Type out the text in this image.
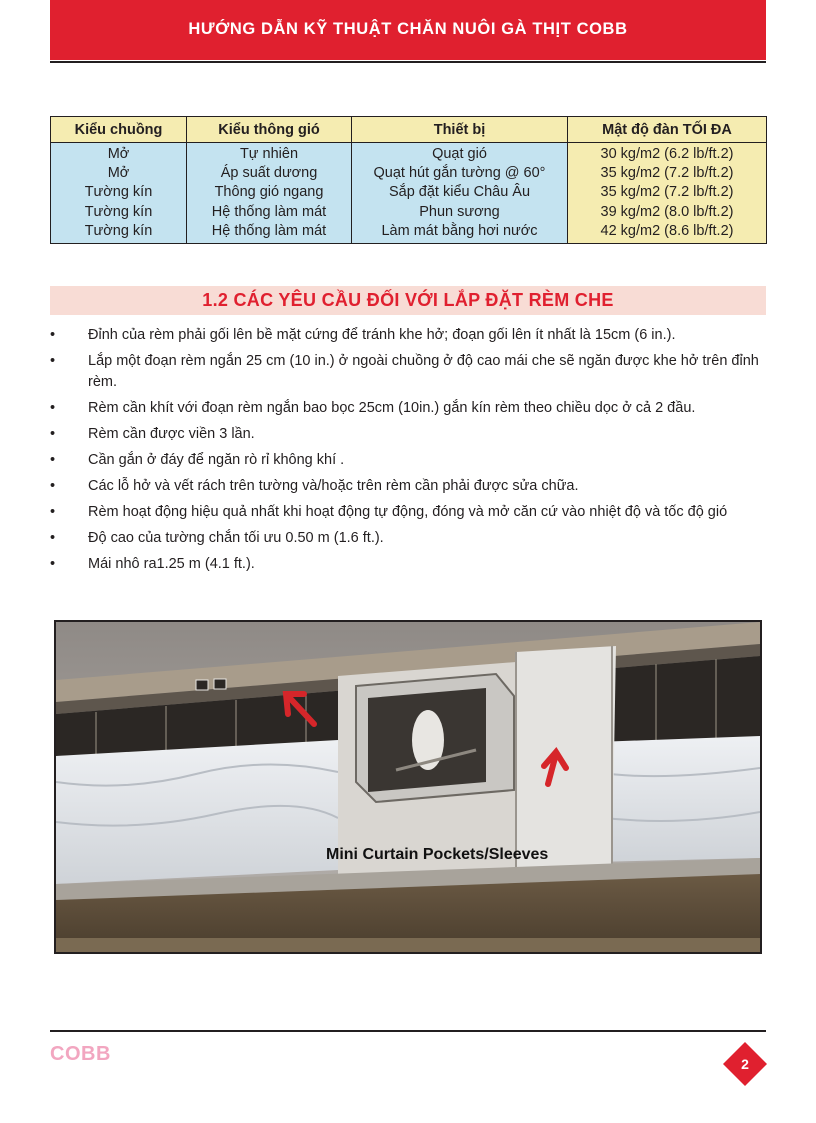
HƯỚNG DẪN KỸ THUẬT CHĂN NUÔI GÀ THỊT COBB
Kiểu chuồng	Kiểu thông gió	Thiết bị	Mật độ đàn TỐI ĐA
Mở	Tự nhiên	Quạt gió	30 kg/m2 (6.2 lb/ft.2)
Mở	Áp suất dương	Quạt hút gắn tường @ 60°	35 kg/m2 (7.2 lb/ft.2)
Tường kín	Thông gió ngang	Sắp đặt kiểu Châu Âu	35 kg/m2 (7.2 lb/ft.2)
Tường kín	Hệ thống làm mát	Phun sương	39 kg/m2 (8.0 lb/ft.2)
Tường kín	Hệ thống làm mát	Làm mát bằng hơi nước	42 kg/m2 (8.6 lb/ft.2)
1.2 CÁC YÊU CẦU ĐỐI VỚI LẮP ĐẶT RÈM CHE
• Đỉnh của rèm phải gối lên bề mặt cứng để tránh khe hở; đoạn gối lên ít nhất là 15cm (6 in.).
• Lắp một đoạn rèm ngắn 25 cm (10 in.) ở ngoài chuồng ở độ cao mái che sẽ ngăn được khe hở trên đỉnh rèm.
• Rèm cần khít với đoạn rèm ngắn bao bọc 25cm (10in.) gắn kín rèm theo chiều dọc ở cả 2 đầu.
• Rèm cần được viền 3 lần.
• Cần gắn ở đáy để ngăn rò rỉ không khí .
• Các lỗ hở và vết rách trên tường và/hoặc trên rèm cần phải được sửa chữa.
• Rèm hoạt động hiệu quả nhất khi hoạt động tự động, đóng và mở căn cứ vào nhiệt độ và tốc độ gió
• Độ cao của tường chắn tối ưu 0.50 m (1.6 ft.).
• Mái nhô ra1.25 m (4.1 ft.).
Mini Curtain Pockets/Sleeves
COBB	2
